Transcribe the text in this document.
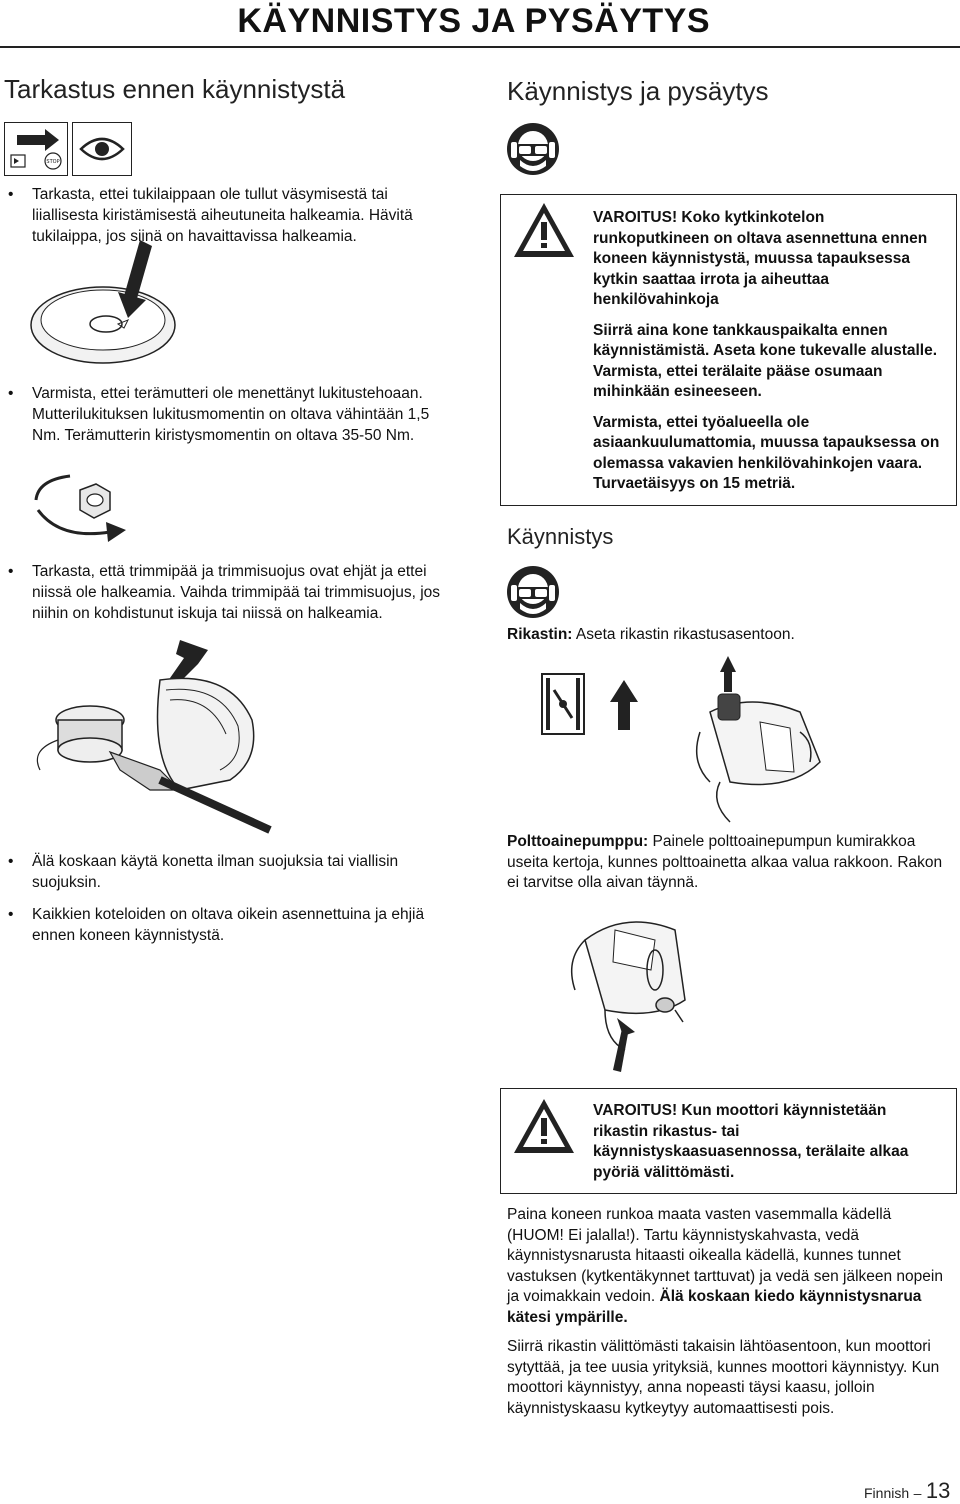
KÄYNNISTYS JA PYSÄYTYS
Tarkastus ennen käynnistystä
STOP
• Tarkasta, ettei tukilaippaan ole tullut väsymisestä tai liiallisesta kiristämisestä aiheutuneita halkeamia. Hävitä tukilaippa, jos siinä on havaittavissa halkeamia.
• Varmista, ettei terämutteri ole menettänyt lukitustehoaan. Mutterilukituksen lukitusmomentin on oltava vähintään 1,5 Nm. Terämutterin kiristysmomentin on oltava 35-50 Nm.
• Tarkasta, että trimmipää ja trimmisuojus ovat ehjät ja ettei niissä ole halkeamia. Vaihda trimmipää tai trimmisuojus, jos niihin on kohdistunut iskuja tai niissä on halkeamia.
• Älä koskaan käytä konetta ilman suojuksia tai viallisin suojuksin.
• Kaikkien koteloiden on oltava oikein asennettuina ja ehjiä ennen koneen käynnistystä.
Käynnistys ja pysäytys

VAROITUS! Koko kytkinkotelon runkoputkineen on oltava asennettuna ennen koneen käynnistystä, muussa tapauksessa kytkin saattaa irrota ja aiheuttaa henkilövahinkoja

Siirrä aina kone tankkauspaikalta ennen käynnistämistä. Aseta kone tukevalle alustalle. Varmista, ettei terälaite pääse osumaan mihinkään esineeseen.

Varmista, ettei työalueella ole asiaankuulumattomia, muussa tapauksessa on olemassa vakavien henkilövahinkojen vaara. Turvaetäisyys on 15 metriä.

Käynnistys
Rikastin: Aseta rikastin rikastusasentoon.
Polttoainepumppu: Painele polttoainepumpun kumirakkoa useita kertoja, kunnes polttoainetta alkaa valua rakkoon. Rakon ei tarvitse olla aivan täynnä.
VAROITUS! Kun moottori käynnistetään rikastin rikastus- tai käynnistyskaasuasennossa, terälaite alkaa pyöriä välittömästi.
Paina koneen runkoa maata vasten vasemmalla kädellä (HUOM! Ei jalalla!). Tartu käynnistyskahvasta, vedä käynnistysnarusta hitaasti oikealla kädellä, kunnes tunnet vastuksen (kytkentäkynnet tarttuvat) ja vedä sen jälkeen nopein ja voimakkain vedoin. Älä koskaan kiedo käynnistysnarua kätesi ympärille.
Siirrä rikastin välittömästi takaisin lähtöasentoon, kun moottori sytyttää, ja tee uusia yrityksiä, kunnes moottori käynnistyy. Kun moottori käynnistyy, anna nopeasti täysi kaasu, jolloin käynnistyskaasu kytkeytyy automaattisesti pois.
Finnish – 13
